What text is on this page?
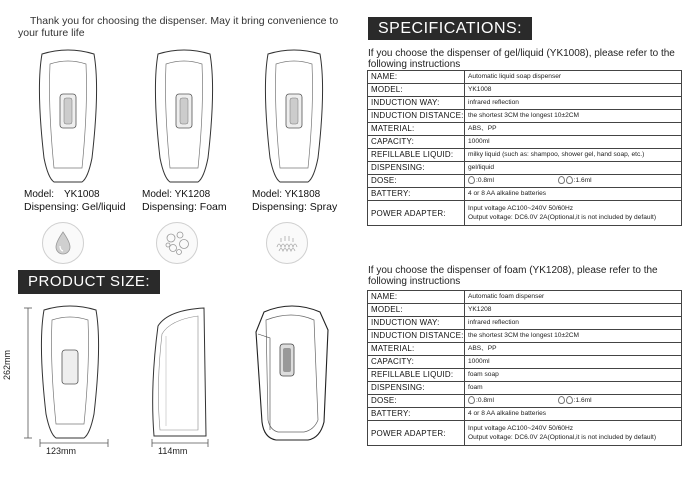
Thank you for choosing the dispenser. May it bring convenience to your future life
Model:　YK1008
Dispensing: Gel/liquid
Model: YK1208
Dispensing: Foam
Model: YK1808
Dispensing: Spray
PRODUCT SIZE:
262mm
123mm	114mm
SPECIFICATIONS:
If you choose the dispenser of gel/liquid (YK1008), please refer to the following instructions
NAME:	Automatic liquid soap dispenser
MODEL:	YK1008
INDUCTION WAY:	infrared reflection
INDUCTION DISTANCE:	the shortest 3CM the longest 10±2CM
MATERIAL:	ABS、PP
CAPACITY:	1000ml
REFILLABLE LIQUID:	milky liquid (such as: shampoo, shower gel, hand soap, etc.)
DISPENSING:	gel/liquid
DOSE:	:0.8ml :1.6ml
BATTERY:	4 or 8 AA alkaline batteries
POWER ADAPTER:	Input voltage AC100~240V 50/60Hz
Output voltage: DC6.0V 2A(Optional,it is not included by default)
If you choose the dispenser of foam (YK1208), please refer to the following instructions
NAME:	Automatic foam dispenser
MODEL:	YK1208
INDUCTION WAY:	infrared reflection
INDUCTION DISTANCE:	the shortest 3CM the longest 10±2CM
MATERIAL:	ABS、PP
CAPACITY:	1000ml
REFILLABLE LIQUID:	foam soap
DISPENSING:	foam
DOSE:	:0.8ml :1.6ml
BATTERY:	4 or 8 AA alkaline batteries
POWER ADAPTER:	Input voltage AC100~240V 50/60Hz
Output voltage: DC6.0V 2A(Optional,it is not included by default)
